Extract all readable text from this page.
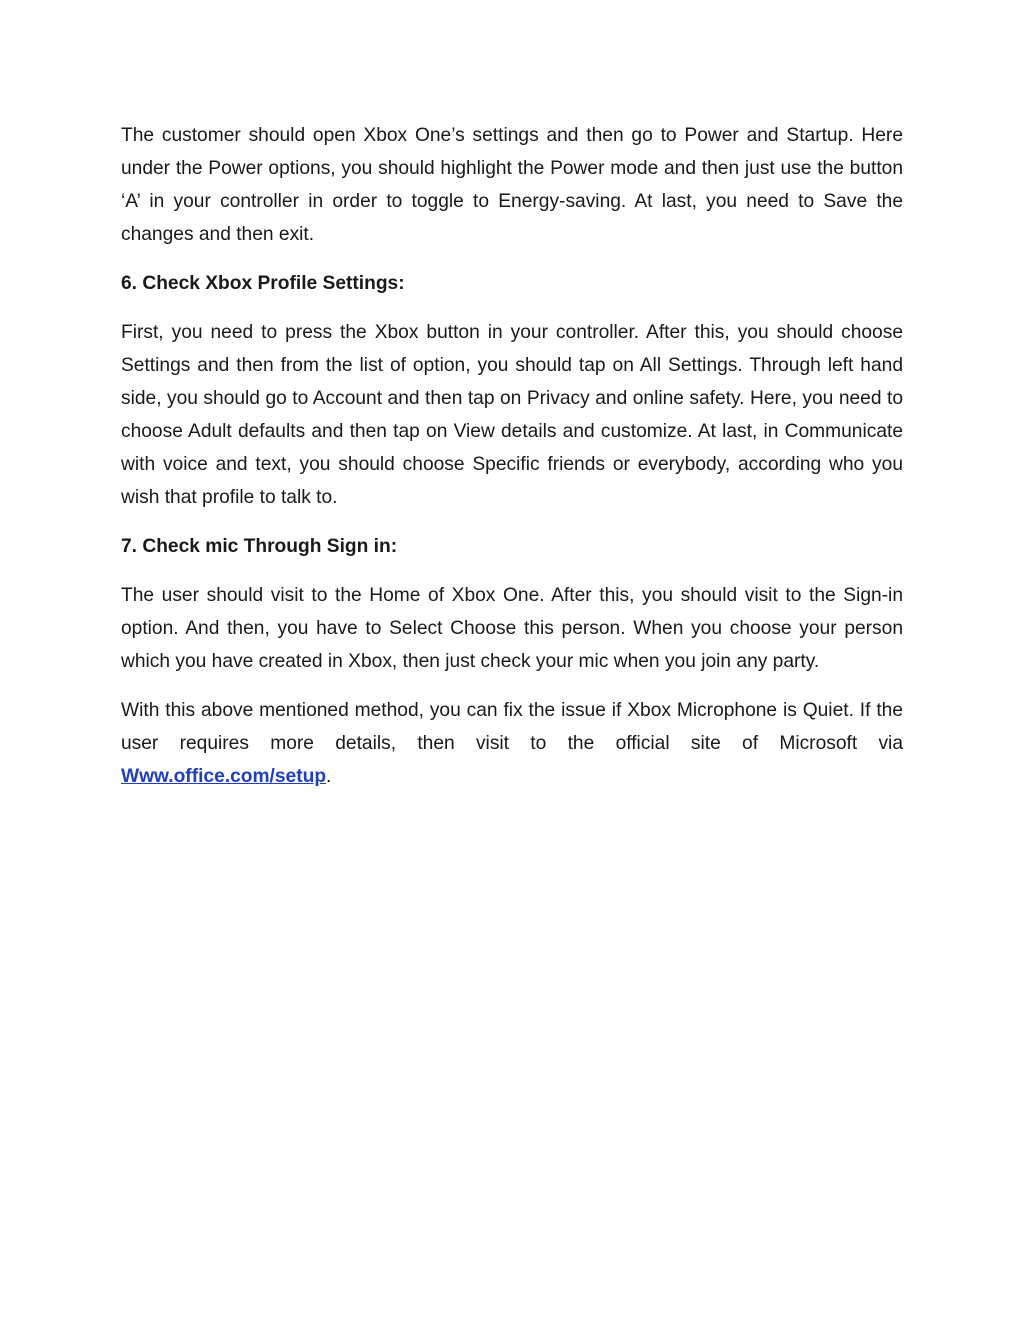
The customer should open Xbox One’s settings and then go to Power and Startup. Here under the Power options, you should highlight the Power mode and then just use the button ‘A’ in your controller in order to toggle to Energy-saving. At last, you need to Save the changes and then exit.

6. Check Xbox Profile Settings:

First, you need to press the Xbox button in your controller. After this, you should choose Settings and then from the list of option, you should tap on All Settings. Through left hand side, you should go to Account and then tap on Privacy and online safety. Here, you need to choose Adult defaults and then tap on View details and customize. At last, in Communicate with voice and text, you should choose Specific friends or everybody, according who you wish that profile to talk to.

7. Check mic Through Sign in:

The user should visit to the Home of Xbox One. After this, you should visit to the Sign-in option. And then, you have to Select Choose this person. When you choose your person which you have created in Xbox, then just check your mic when you join any party.

With this above mentioned method, you can fix the issue if Xbox Microphone is Quiet. If the user requires more details, then visit to the official site of Microsoft via Www.office.com/setup.
